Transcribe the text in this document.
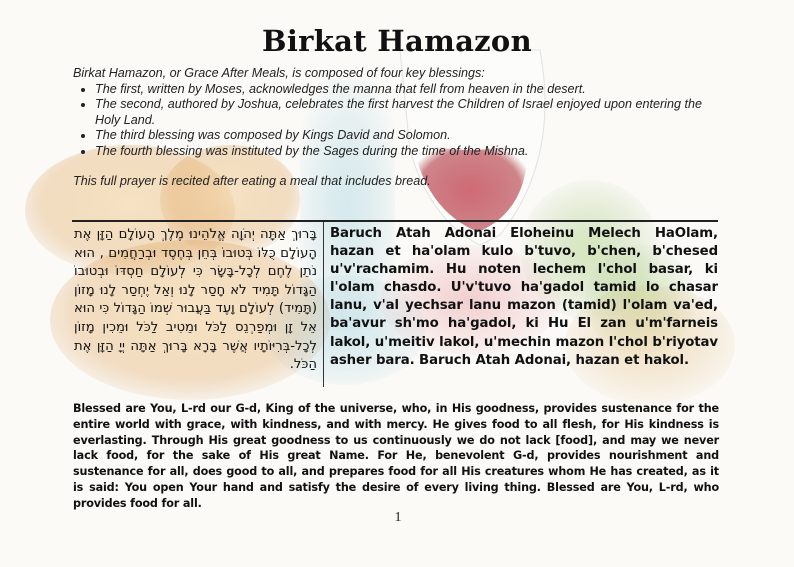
Birkat Hamazon

Birkat Hamazon, or Grace After Meals, is composed of four key blessings:

• The first, written by Moses, acknowledges the manna that fell from heaven in the desert.
• The second, authored by Joshua, celebrates the first harvest the Children of Israel enjoyed upon entering the Holy Land.
• The third blessing was composed by Kings David and Solomon.
• The fourth blessing was instituted by the Sages during the time of the Mishna.

This full prayer is recited after eating a meal that includes bread.

בָּרוּךְ אַתָּה יְהֹוָה אֱלֹהֵינוּ מֶלֶךְ הָעוֹלָם הַזָּן אֶת הָעוֹלָם כֻּלּוֹ בְּטוּבוֹ בְּחֵן בְּחֶסֶד וּבְרַחֲמִים , הוּא נֹתֵן לֶחֶם לְכָל-בָּשָׂר כִּי לְעוֹלָם חַסְדּוֹ וּבְטוּבוֹ הַגָּדוֹל תָּמִיד לֹא חָסַר לָנוּ וְאַל יֶחְסַר לָנוּ מָזוֹן (תָּמִיד) לְעוֹלָם וָעֶד בַּעֲבוּר שְׁמוֹ הַגָּדוֹל כִּי הוּא אֵל זָן וּמְפַרְנֵס לַכֹּל וּמֵטִיב לַכֹּל וּמֵכִין מָזוֹן לְכָל-בְּרִיּוֹתָיו אֲשֶׁר בָּרָא בָּרוּךְ אַתָּה יְיָ הַזָּן אֶת הַכֹּל.
Baruch Atah Adonai Eloheinu Melech HaOlam, hazan et ha'olam kulo b'tuvo, b'chen, b'chesed u'v'rachamim. Hu noten lechem l'chol basar, ki l'olam chasdo. U'v'tuvo ha'gadol tamid lo chasar lanu, v'al yechsar lanu mazon (tamid) l'olam va'ed, ba'avur sh'mo ha'gadol, ki Hu El zan u'm'farneis lakol, u'meitiv lakol, u'mechin mazon l'chol b'riyotav asher bara. Baruch Atah Adonai, hazan et hakol.
Blessed are You, L-rd our G-d, King of the universe, who, in His goodness, provides sustenance for the entire world with grace, with kindness, and with mercy. He gives food to all flesh, for His kindness is everlasting. Through His great goodness to us continuously we do not lack [food], and may we never lack food, for the sake of His great Name. For He, benevolent G-d, provides nourishment and sustenance for all, does good to all, and prepares food for all His creatures whom He has created, as it is said: You open Your hand and satisfy the desire of every living thing. Blessed are You, L-rd, who provides food for all.
1
